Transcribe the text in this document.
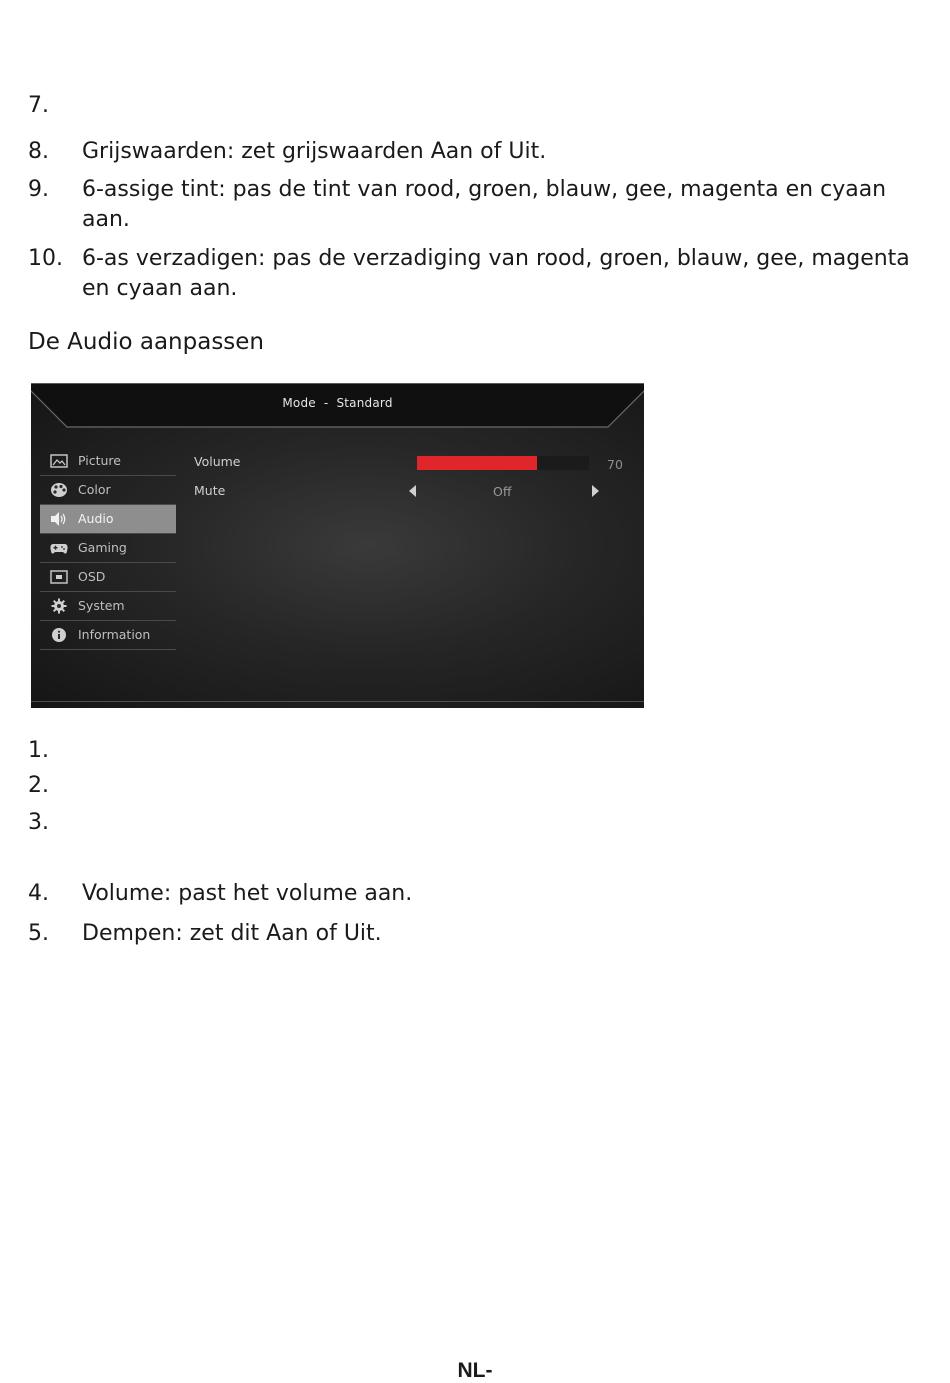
7.
8. Grijswaarden: zet grijswaarden Aan of Uit.
9. 6-assige tint: pas de tint van rood, groen, blauw, gee, magenta en cyaan aan.
10. 6-as verzadigen: pas de verzadiging van rood, groen, blauw, gee, magenta en cyaan aan.
De Audio aanpassen
Mode  -  Standard
Picture
Color
Audio
Gaming
OSD
System
Information
Volume	70
Mute	Off
1.
2.
3.
4. Volume: past het volume aan.
5. Dempen: zet dit Aan of Uit.
NL-
